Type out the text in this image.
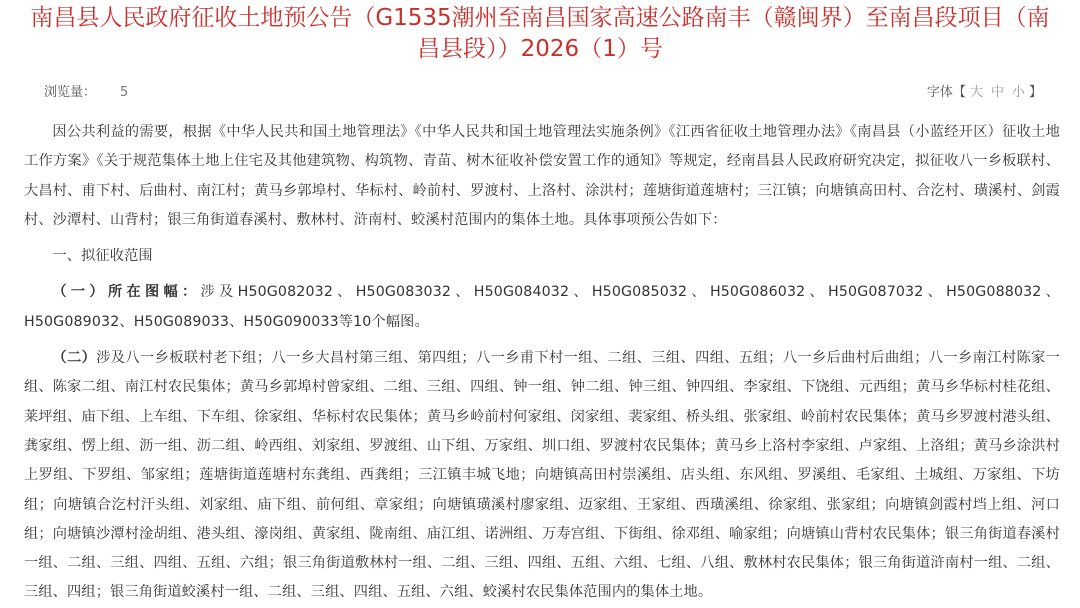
南昌县人民政府征收土地预公告（G1535潮州至南昌国家高速公路南丰（赣闽界）至南昌段项目（南昌县段））2026（1）号
浏览量： 5	字体【 大 中 小 】

因公共利益的需要，根据《中华人民共和国土地管理法》《中华人民共和国土地管理法实施条例》《江西省征收土地管理办法》《南昌县（小蓝经开区）征收土地工作方案》《关于规范集体土地上住宅及其他建筑物、构筑物、青苗、树木征收补偿安置工作的通知》等规定，经南昌县人民政府研究决定，拟征收八一乡板联村、大昌村、甫下村、后曲村、南江村；黄马乡郭埠村、华标村、岭前村、罗渡村、上洛村、涂洪村；莲塘街道莲塘村；三江镇；向塘镇高田村、合汔村、璜溪村、剑霞村、沙潭村、山背村；银三角街道春溪村、敷林村、浒南村、蛟溪村范围内的集体土地。具体事项预公告如下：

一、拟征收范围

（一）所在图幅：涉及H50G082032、H50G083032、H50G084032、H50G085032、H50G086032、H50G087032、H50G088032、H50G089032、H50G089033、H50G090033等10个幅图。

（二）涉及八一乡板联村老下组；八一乡大昌村第三组、第四组；八一乡甫下村一组、二组、三组、四组、五组；八一乡后曲村后曲组；八一乡南江村陈家一组、陈家二组、南江村农民集体；黄马乡郭埠村曾家组、二组、三组、四组、钟一组、钟二组、钟三组、钟四组、李家组、下饶组、元西组；黄马乡华标村桂花组、莱坪组、庙下组、上车组、下车组、徐家组、华标村农民集体；黄马乡岭前村何家组、闵家组、裴家组、桥头组、张家组、岭前村农民集体；黄马乡罗渡村港头组、龚家组、愣上组、沥一组、沥二组、岭西组、刘家组、罗渡组、山下组、万家组、圳口组、罗渡村农民集体；黄马乡上洛村李家组、卢家组、上洛组；黄马乡涂洪村上罗组、下罗组、邹家组；莲塘街道莲塘村东龚组、西龚组；三江镇丰城飞地；向塘镇高田村崇溪组、店头组、东风组、罗溪组、毛家组、土城组、万家组、下坊组；向塘镇合汔村汗头组、刘家组、庙下组、前何组、章家组；向塘镇璜溪村廖家组、迈家组、王家组、西璜溪组、徐家组、张家组；向塘镇剑霞村垱上组、河口组；向塘镇沙潭村淦胡组、港头组、濠岗组、黄家组、陇南组、庙江组、诺洲组、万寿宫组、下街组、徐邓组、喻家组；向塘镇山背村农民集体；银三角街道春溪村一组、二组、三组、四组、五组、六组；银三角街道敷林村一组、二组、三组、四组、五组、六组、七组、八组、敷林村农民集体；银三角街道浒南村一组、二组、三组、四组；银三角街道蛟溪村一组、二组、三组、四组、五组、六组、蛟溪村农民集体范围内的集体土地。
